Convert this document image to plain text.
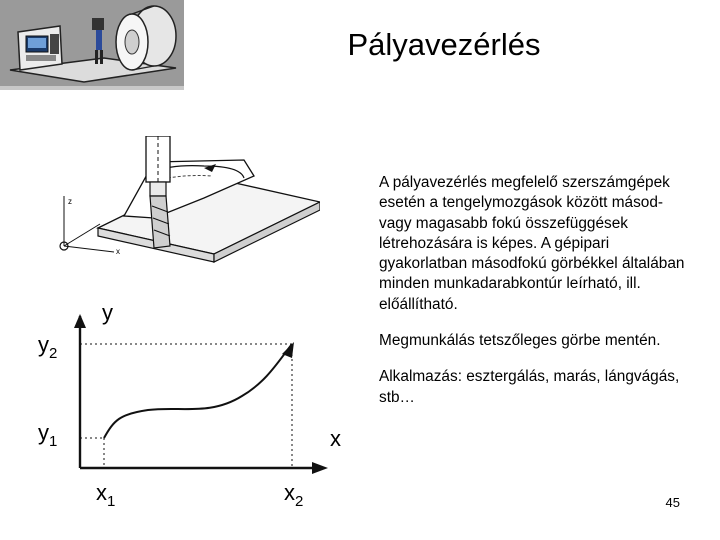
Pályavezérlés
z
x
y
x
$y_2$
$y_1$
$x_1$	$x_2$

A pályavezérlés megfelelő szerszámgépek esetén a tengelymozgások között másod- vagy magasabb fokú összefüggések létrehozására is képes. A gépipari gyakorlatban másodfokú görbékkel általában minden munkadarabkontúr leírható, ill. előállítható.

Megmunkálás tetszőleges görbe mentén.

Alkalmazás: esztergálás, marás, lángvágás, stb…

45
